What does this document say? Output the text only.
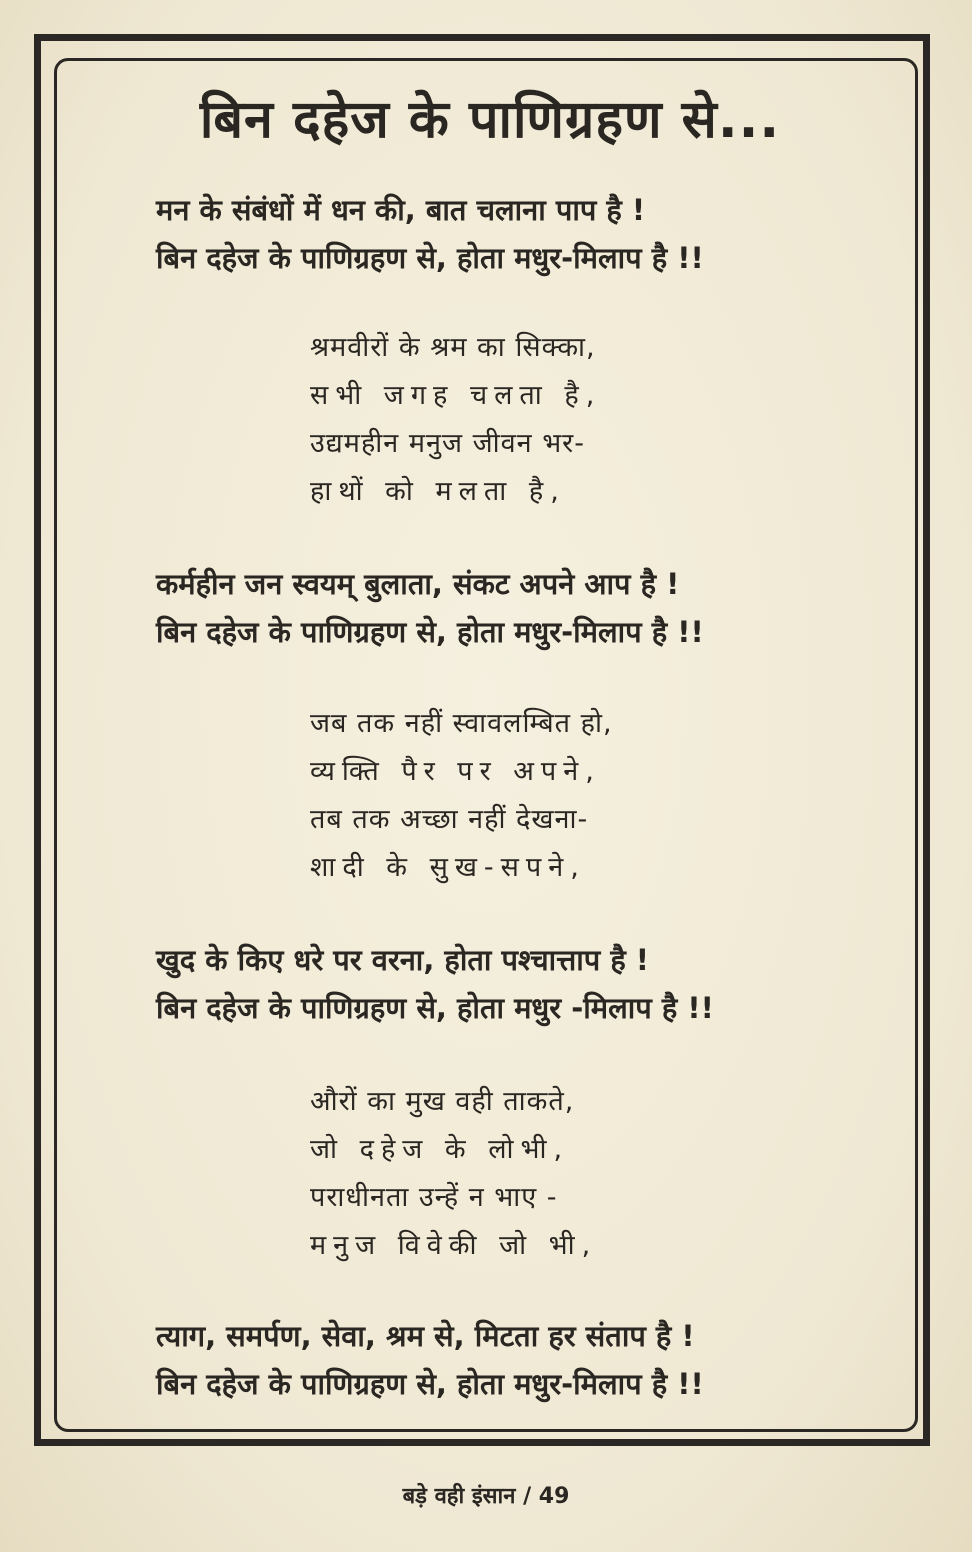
बिन दहेज के पाणिग्रहण से...
मन के संबंधों में धन की, बात चलाना पाप है !
बिन दहेज के पाणिग्रहण से, होता मधुर-मिलाप है !!
श्रमवीरों के श्रम का सिक्का,
सभी जगह चलता है,
उद्यमहीन मनुज जीवन भर-
हाथों को मलता है,
कर्महीन जन स्वयम् बुलाता, संकट अपने आप है !
बिन दहेज के पाणिग्रहण से, होता मधुर-मिलाप है !!
जब तक नहीं स्वावलम्बित हो,
व्यक्ति पैर पर अपने,
तब तक अच्छा नहीं देखना-
शादी के सुख-सपने,
खुद के किए धरे पर वरना, होता पश्चात्ताप है !
बिन दहेज के पाणिग्रहण से, होता मधुर -मिलाप है !!
औरों का मुख वही ताकते,
जो दहेज के लोभी,
पराधीनता उन्हें न भाए -
मनुज विवेकी जो भी,
त्याग, समर्पण, सेवा, श्रम से, मिटता हर संताप है !
बिन दहेज के पाणिग्रहण से, होता मधुर-मिलाप है !!
बड़े वही इंसान / 49
